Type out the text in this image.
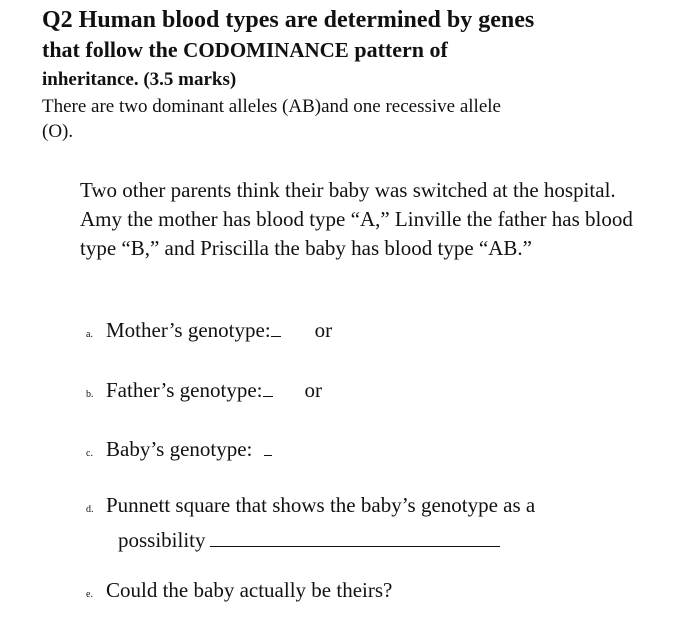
Q2 Human blood types are determined by genes
that follow the CODOMINANCE pattern of
inheritance. (3.5 marks)
There are two dominant alleles (AB)and one recessive allele (O).
Two other parents think their baby was switched at the hospital. Amy the mother has blood type “A,” Linville the father has blood type “B,” and Priscilla the baby has blood type “AB.”
a. Mother’s genotype: or
b. Father’s genotype: or
c. Baby’s genotype:
d. Punnett square that shows the baby’s genotype as a
possibility
e. Could the baby actually be theirs?
